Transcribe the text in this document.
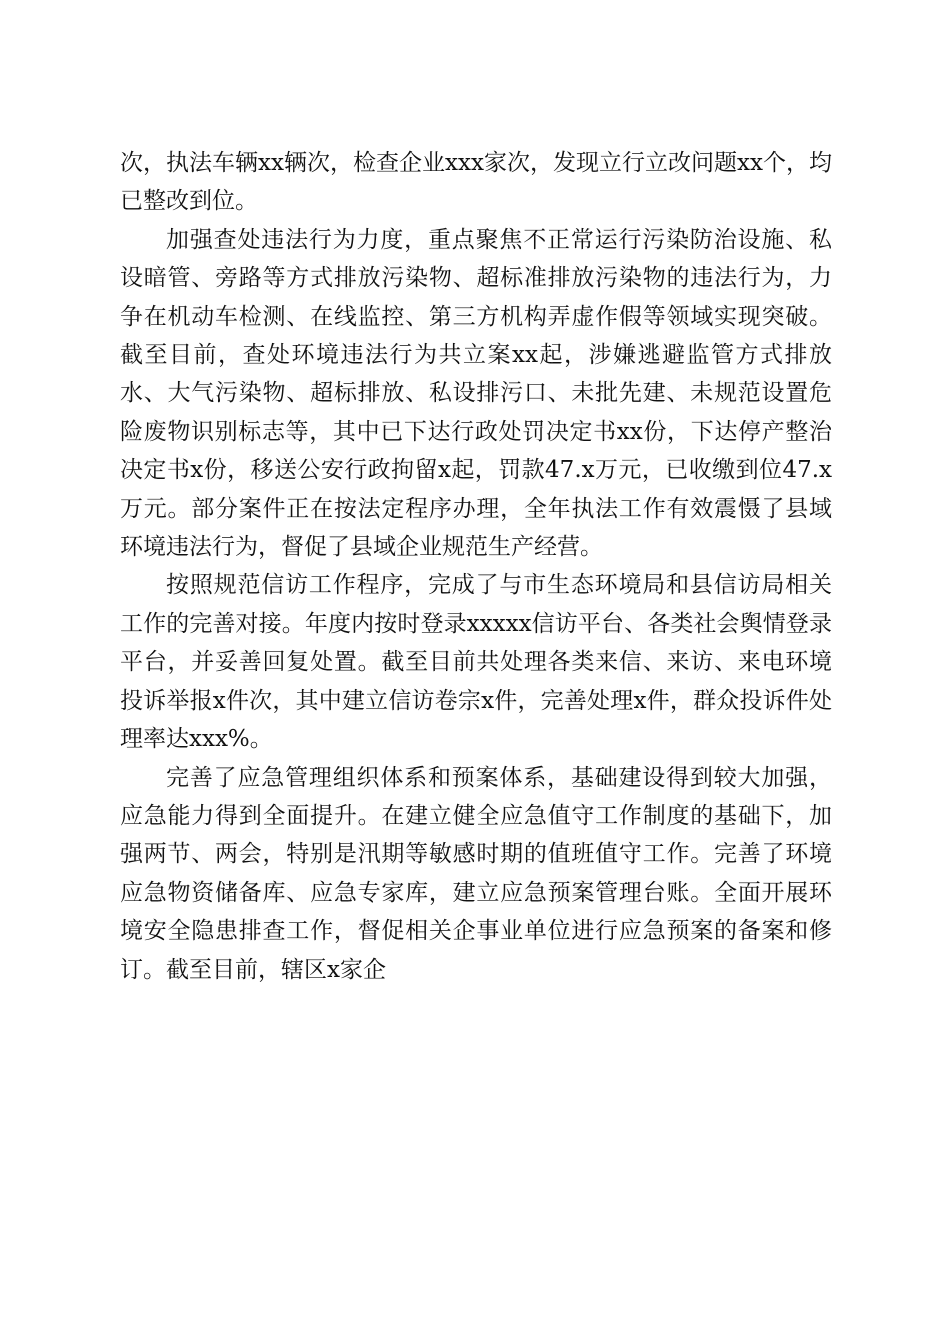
次，执法车辆xx辆次，检查企业xxx家次，发现立行立改问题xx个，均已整改到位。

加强查处违法行为力度，重点聚焦不正常运行污染防治设施、私设暗管、旁路等方式排放污染物、超标准排放污染物的违法行为，力争在机动车检测、在线监控、第三方机构弄虚作假等领域实现突破。截至目前，查处环境违法行为共立案xx起，涉嫌逃避监管方式排放水、大气污染物、超标排放、私设排污口、未批先建、未规范设置危险废物识别标志等，其中已下达行政处罚决定书xx份，下达停产整治决定书x份，移送公安行政拘留x起，罚款47.x万元，已收缴到位47.x万元。部分案件正在按法定程序办理，全年执法工作有效震慑了县域环境违法行为，督促了县域企业规范生产经营。

按照规范信访工作程序，完成了与市生态环境局和县信访局相关工作的完善对接。年度内按时登录xxxxx信访平台、各类社会舆情登录平台，并妥善回复处置。截至目前共处理各类来信、来访、来电环境投诉举报x件次，其中建立信访卷宗x件，完善处理x件，群众投诉件处理率达xxx%。

完善了应急管理组织体系和预案体系，基础建设得到较大加强，应急能力得到全面提升。在建立健全应急值守工作制度的基础下，加强两节、两会，特别是汛期等敏感时期的值班值守工作。完善了环境应急物资储备库、应急专家库，建立应急预案管理台账。全面开展环境安全隐患排查工作，督促相关企事业单位进行应急预案的备案和修订。截至目前，辖区x家企
